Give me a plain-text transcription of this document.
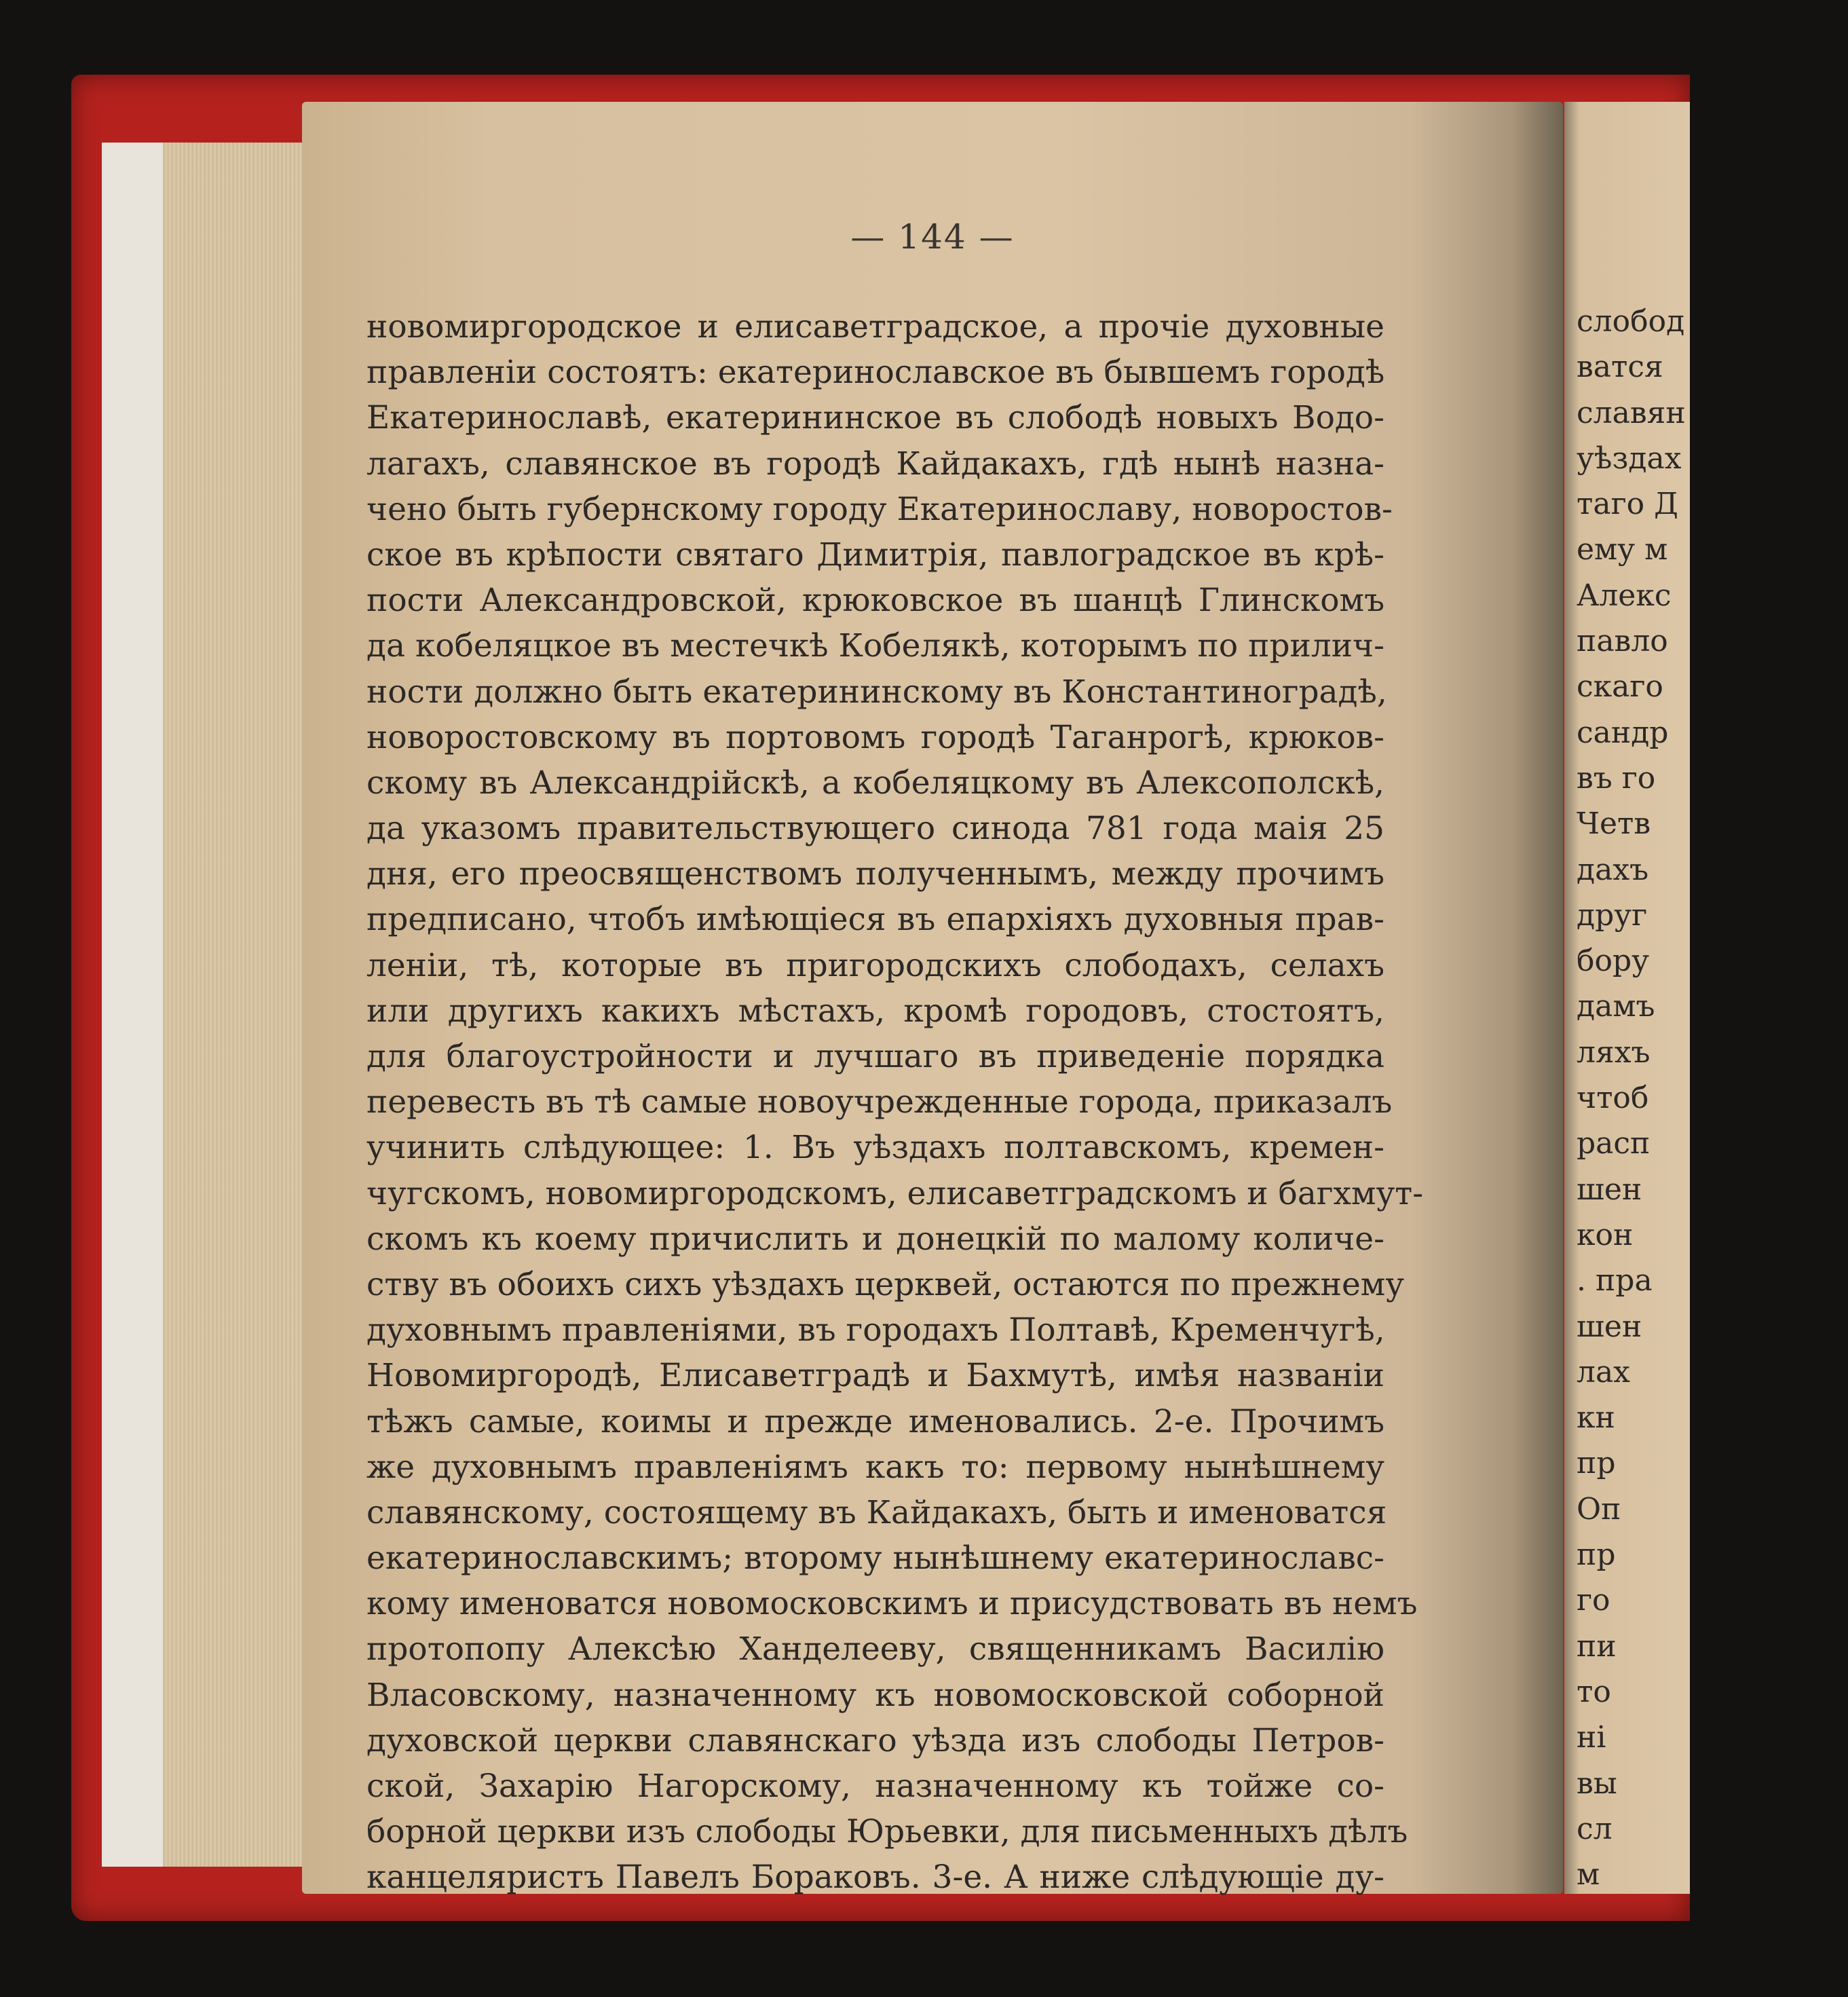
— 144 —
новомиргородское и елисаветградское, а прочіе духовные
правленіи состоятъ: екатеринославское въ бывшемъ городѣ
Екатеринославѣ, екатерининское въ слободѣ новыхъ Водо-
лагахъ, славянское въ городѣ Кайдакахъ, гдѣ нынѣ назна-
чено быть губернскому городу Екатеринославу, новоростов-
ское въ крѣпости святаго Димитрія, павлоградское въ крѣ-
пости Александровской, крюковское въ шанцѣ Глинскомъ
да кобеляцкое въ местечкѣ Кобелякѣ, которымъ по прилич-
ности должно быть екатерининскому въ Константиноградѣ,
новоростовскому въ портовомъ городѣ Таганрогѣ, крюков-
скому въ Александрійскѣ, а кобеляцкому въ Алексополскѣ,
да указомъ правительствующего синода 781 года маія 25
дня, его преосвященствомъ полученнымъ, между прочимъ
предписано, чтобъ имѣющіеся въ епархіяхъ духовныя прав-
леніи, тѣ, которые въ пригородскихъ слободахъ, селахъ
или другихъ какихъ мѣстахъ, кромѣ городовъ, стостоятъ,
для благоустройности и лучшаго въ приведеніе порядка
перевесть въ тѣ самые новоучрежденные города, приказалъ
учинить слѣдующее: 1. Въ уѣздахъ полтавскомъ, кремен-
чугскомъ, новомиргородскомъ, елисаветградскомъ и багхмут-
скомъ къ коему причислить и донецкій по малому количе-
ству въ обоихъ сихъ уѣздахъ церквей, остаются по прежнему
духовнымъ правленіями, въ городахъ Полтавѣ, Кременчугѣ,
Новомиргородѣ, Елисаветградѣ и Бахмутѣ, имѣя названіи
тѣжъ самые, коимы и прежде именовались. 2-е. Прочимъ
же духовнымъ правленіямъ какъ то: первому нынѣшнему
славянскому, состоящему въ Кайдакахъ, быть и именоватся
екатеринославскимъ; второму нынѣшнему екатеринославс-
кому именоватся новомосковскимъ и присудствовать въ немъ
протопопу Алексѣю Ханделееву, священникамъ Василію
Власовскому, назначенному къ новомосковской соборной
духовской церкви славянскаго уѣзда изъ слободы Петров-
ской, Захарію Нагорскому, назначенному къ тойже со-
борной церкви изъ слободы Юрьевки, для письменныхъ дѣлъ
канцеляристъ Павелъ Бораковъ. 3-е. А ниже слѣдующіе ду-
слобод
ватся
славян
уѣздах
таго Д
ему м
Алекс
павло
скаго
сандр
въ го
Четв
дахъ
друг
бору
дамъ
ляхъ
чтоб
расп
шен
кон
. пра
шен
лах
кн
пр
Оп
пр
го
пи
то
ні
вы
сл
м
